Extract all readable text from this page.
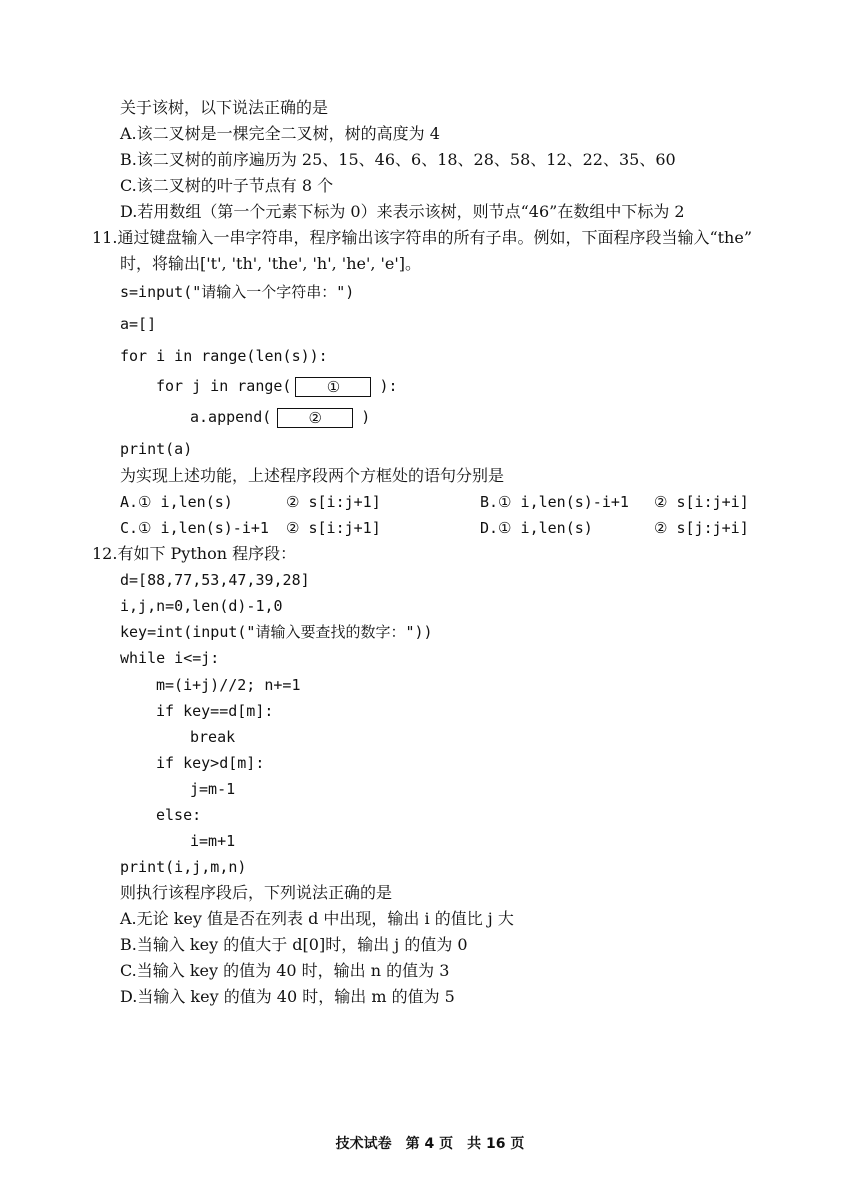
关于该树，以下说法正确的是
A.该二叉树是一棵完全二叉树，树的高度为 4
B.该二叉树的前序遍历为 25、15、46、6、18、28、58、12、22、35、60
C.该二叉树的叶子节点有 8 个
D.若用数组（第一个元素下标为 0）来表示该树，则节点“46”在数组中下标为 2
11.通过键盘输入一串字符串，程序输出该字符串的所有子串。例如，下面程序段当输入“the”
时，将输出['t', 'th', 'the', 'h', 'he', 'e']。
s=input("请输入一个字符串：")
a=[]
for i in range(len(s)):
for j in range( ①	):
a.append( ②	)
print(a)
为实现上述功能，上述程序段两个方框处的语句分别是
A.① i,len(s)	② s[i:j+1]	B.① i,len(s)-i+1 ② s[i:j+i]
C.① i,len(s)-i+1 ② s[i:j+1]	D.① i,len(s)	② s[j:j+i]
12.有如下 Python 程序段：
d=[88,77,53,47,39,28]
i,j,n=0,len(d)-1,0
key=int(input("请输入要查找的数字："))
while i<=j:
m=(i+j)//2; n+=1
if key==d[m]:
break
if key>d[m]:
j=m-1
else:
i=m+1
print(i,j,m,n)
则执行该程序段后，下列说法正确的是
A.无论 key 值是否在列表 d 中出现，输出 i 的值比 j 大
B.当输入 key 的值大于 d[0]时，输出 j 的值为 0
C.当输入 key 的值为 40 时，输出 n 的值为 3
D.当输入 key 的值为 40 时，输出 m 的值为 5
技术试卷　第 4 页　共 16 页
